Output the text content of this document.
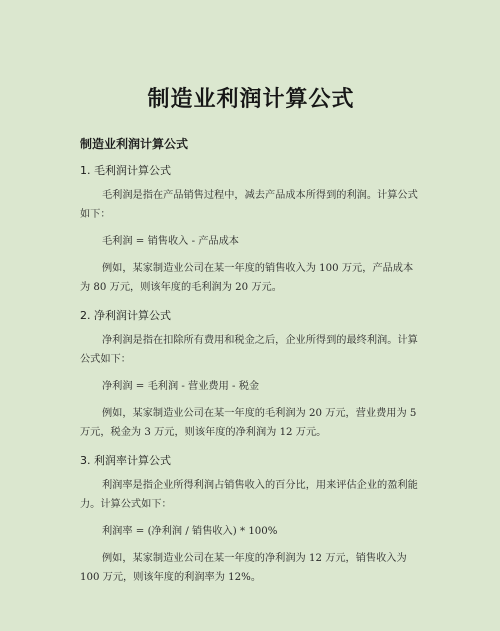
制造业利润计算公式
制造业利润计算公式
1. 毛利润计算公式
毛利润是指在产品销售过程中，减去产品成本所得到的利润。计算公式如下：
毛利润 = 销售收入 - 产品成本
例如，某家制造业公司在某一年度的销售收入为 100 万元，产品成本为 80 万元，则该年度的毛利润为 20 万元。
2. 净利润计算公式
净利润是指在扣除所有费用和税金之后，企业所得到的最终利润。计算公式如下：
净利润 = 毛利润 - 营业费用 - 税金
例如，某家制造业公司在某一年度的毛利润为 20 万元，营业费用为 5 万元，税金为 3 万元，则该年度的净利润为 12 万元。
3. 利润率计算公式
利润率是指企业所得利润占销售收入的百分比，用来评估企业的盈利能力。计算公式如下：
利润率 = (净利润 / 销售收入) * 100%
例如，某家制造业公司在某一年度的净利润为 12 万元，销售收入为 100 万元，则该年度的利润率为 12%。
